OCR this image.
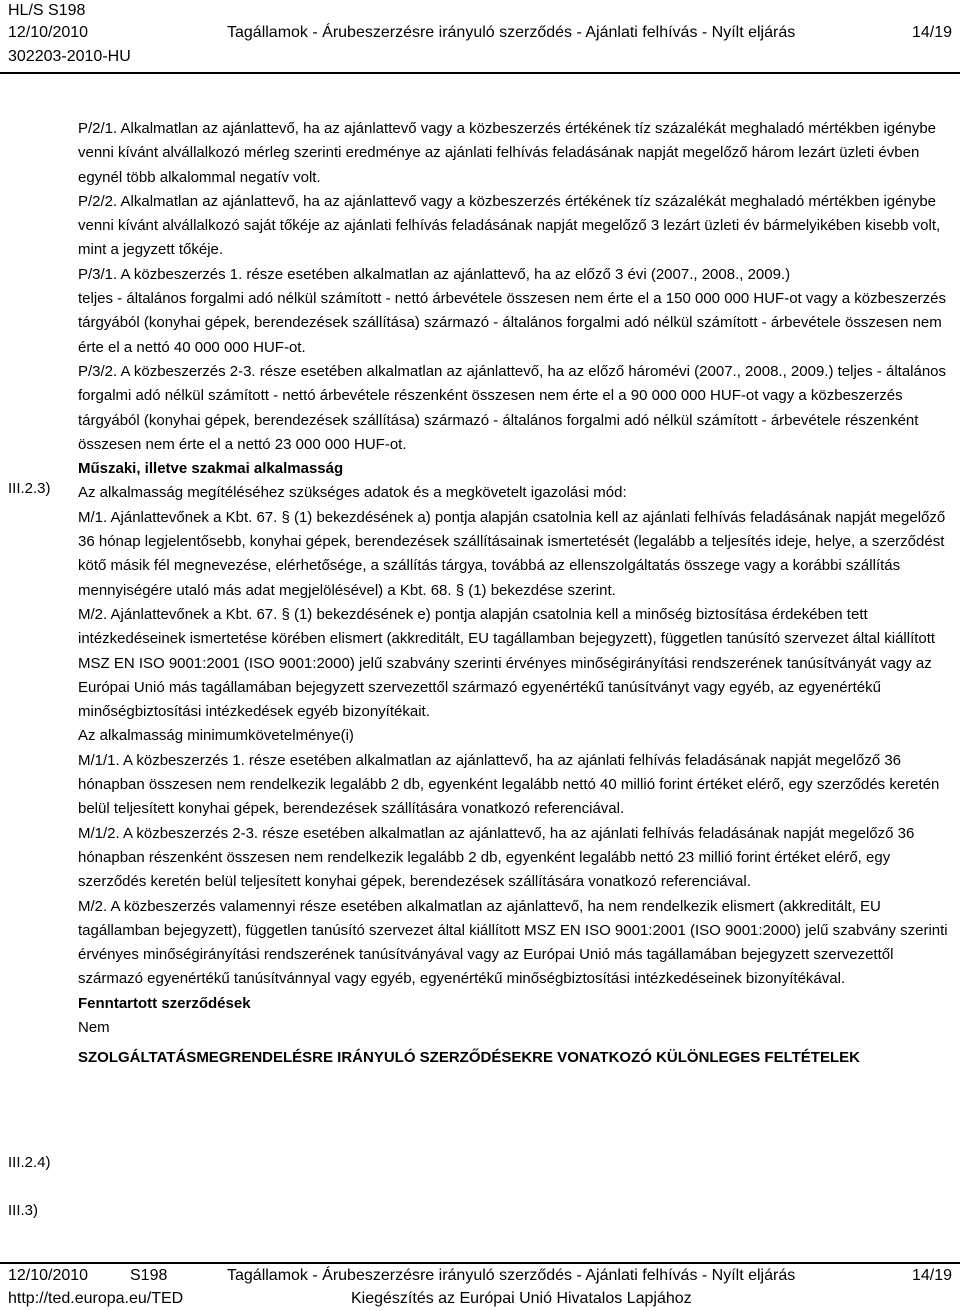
HL/S S198
12/10/2010	Tagállamok - Árubeszerzésre irányuló szerződés - Ajánlati felhívás - Nyílt eljárás	14/19
302203-2010-HU
III.2.3)
III.2.4)
III.3)

P/2/1. Alkalmatlan az ajánlattevő, ha az ajánlattevő vagy a közbeszerzés értékének tíz százalékát meghaladó mértékben igénybe venni kívánt alvállalkozó mérleg szerinti eredménye az ajánlati felhívás feladásának napját megelőző három lezárt üzleti évben egynél több alkalommal negatív volt.

P/2/2. Alkalmatlan az ajánlattevő, ha az ajánlattevő vagy a közbeszerzés értékének tíz százalékát meghaladó mértékben igénybe venni kívánt alvállalkozó saját tőkéje az ajánlati felhívás feladásának napját megelőző 3 lezárt üzleti év bármelyikében kisebb volt, mint a jegyzett tőkéje.

P/3/1. A közbeszerzés 1. része esetében alkalmatlan az ajánlattevő, ha az előző 3 évi (2007., 2008., 2009.)

teljes - általános forgalmi adó nélkül számított - nettó árbevétele összesen nem érte el a 150 000 000 HUF-ot vagy a közbeszerzés tárgyából (konyhai gépek, berendezések szállítása) származó - általános forgalmi adó nélkül számított - árbevétele összesen nem érte el a nettó 40 000 000 HUF-ot.

P/3/2. A közbeszerzés 2-3. része esetében alkalmatlan az ajánlattevő, ha az előző háromévi (2007., 2008., 2009.) teljes - általános forgalmi adó nélkül számított - nettó árbevétele részenként összesen nem érte el a 90 000 000 HUF-ot vagy a közbeszerzés tárgyából (konyhai gépek, berendezések szállítása) származó - általános forgalmi adó nélkül számított - árbevétele részenként összesen nem érte el a nettó 23 000 000 HUF-ot.

Műszaki, illetve szakmai alkalmasság

Az alkalmasság megítéléséhez szükséges adatok és a megkövetelt igazolási mód:

M/1. Ajánlattevőnek a Kbt. 67. § (1) bekezdésének a) pontja alapján csatolnia kell az ajánlati felhívás feladásának napját megelőző 36 hónap legjelentősebb, konyhai gépek, berendezések szállításainak ismertetését (legalább a teljesítés ideje, helye, a szerződést kötő másik fél megnevezése, elérhetősége, a szállítás tárgya, továbbá az ellenszolgáltatás összege vagy a korábbi szállítás mennyiségére utaló más adat megjelölésével) a Kbt. 68. § (1) bekezdése szerint.

M/2. Ajánlattevőnek a Kbt. 67. § (1) bekezdésének e) pontja alapján csatolnia kell a minőség biztosítása érdekében tett intézkedéseinek ismertetése körében elismert (akkreditált, EU tagállamban bejegyzett), független tanúsító szervezet által kiállított MSZ EN ISO 9001:2001 (ISO 9001:2000) jelű szabvány szerinti érvényes minőségirányítási rendszerének tanúsítványát vagy az Európai Unió más tagállamában bejegyzett szervezettől származó egyenértékű tanúsítványt vagy egyéb, az egyenértékű minőségbiztosítási intézkedések egyéb bizonyítékait.

Az alkalmasság minimumkövetelménye(i)

M/1/1. A közbeszerzés 1. része esetében alkalmatlan az ajánlattevő, ha az ajánlati felhívás feladásának napját megelőző 36 hónapban összesen nem rendelkezik legalább 2 db, egyenként legalább nettó 40 millió forint értéket elérő, egy szerződés keretén belül teljesített konyhai gépek, berendezések szállítására vonatkozó referenciával.

M/1/2. A közbeszerzés 2-3. része esetében alkalmatlan az ajánlattevő, ha az ajánlati felhívás feladásának napját megelőző 36 hónapban részenként összesen nem rendelkezik legalább 2 db, egyenként legalább nettó 23 millió forint értéket elérő, egy szerződés keretén belül teljesített konyhai gépek, berendezések szállítására vonatkozó referenciával.

M/2. A közbeszerzés valamennyi része esetében alkalmatlan az ajánlattevő, ha nem rendelkezik elismert (akkreditált, EU tagállamban bejegyzett), független tanúsító szervezet által kiállított MSZ EN ISO 9001:2001 (ISO 9001:2000) jelű szabvány szerinti érvényes minőségirányítási rendszerének tanúsítványával vagy az Európai Unió más tagállamában bejegyzett szervezettől származó egyenértékű tanúsítvánnyal vagy egyéb, egyenértékű minőségbiztosítási intézkedéseinek bizonyítékával.

Fenntartott szerződések

Nem

SZOLGÁLTATÁSMEGRENDELÉSRE IRÁNYULÓ SZERZŐDÉSEKRE VONATKOZÓ KÜLÖNLEGES FELTÉTELEK

12/10/2010	S198	Tagállamok - Árubeszerzésre irányuló szerződés - Ajánlati felhívás - Nyílt eljárás	14/19
http://ted.europa.eu/TED	Kiegészítés az Európai Unió Hivatalos Lapjához
